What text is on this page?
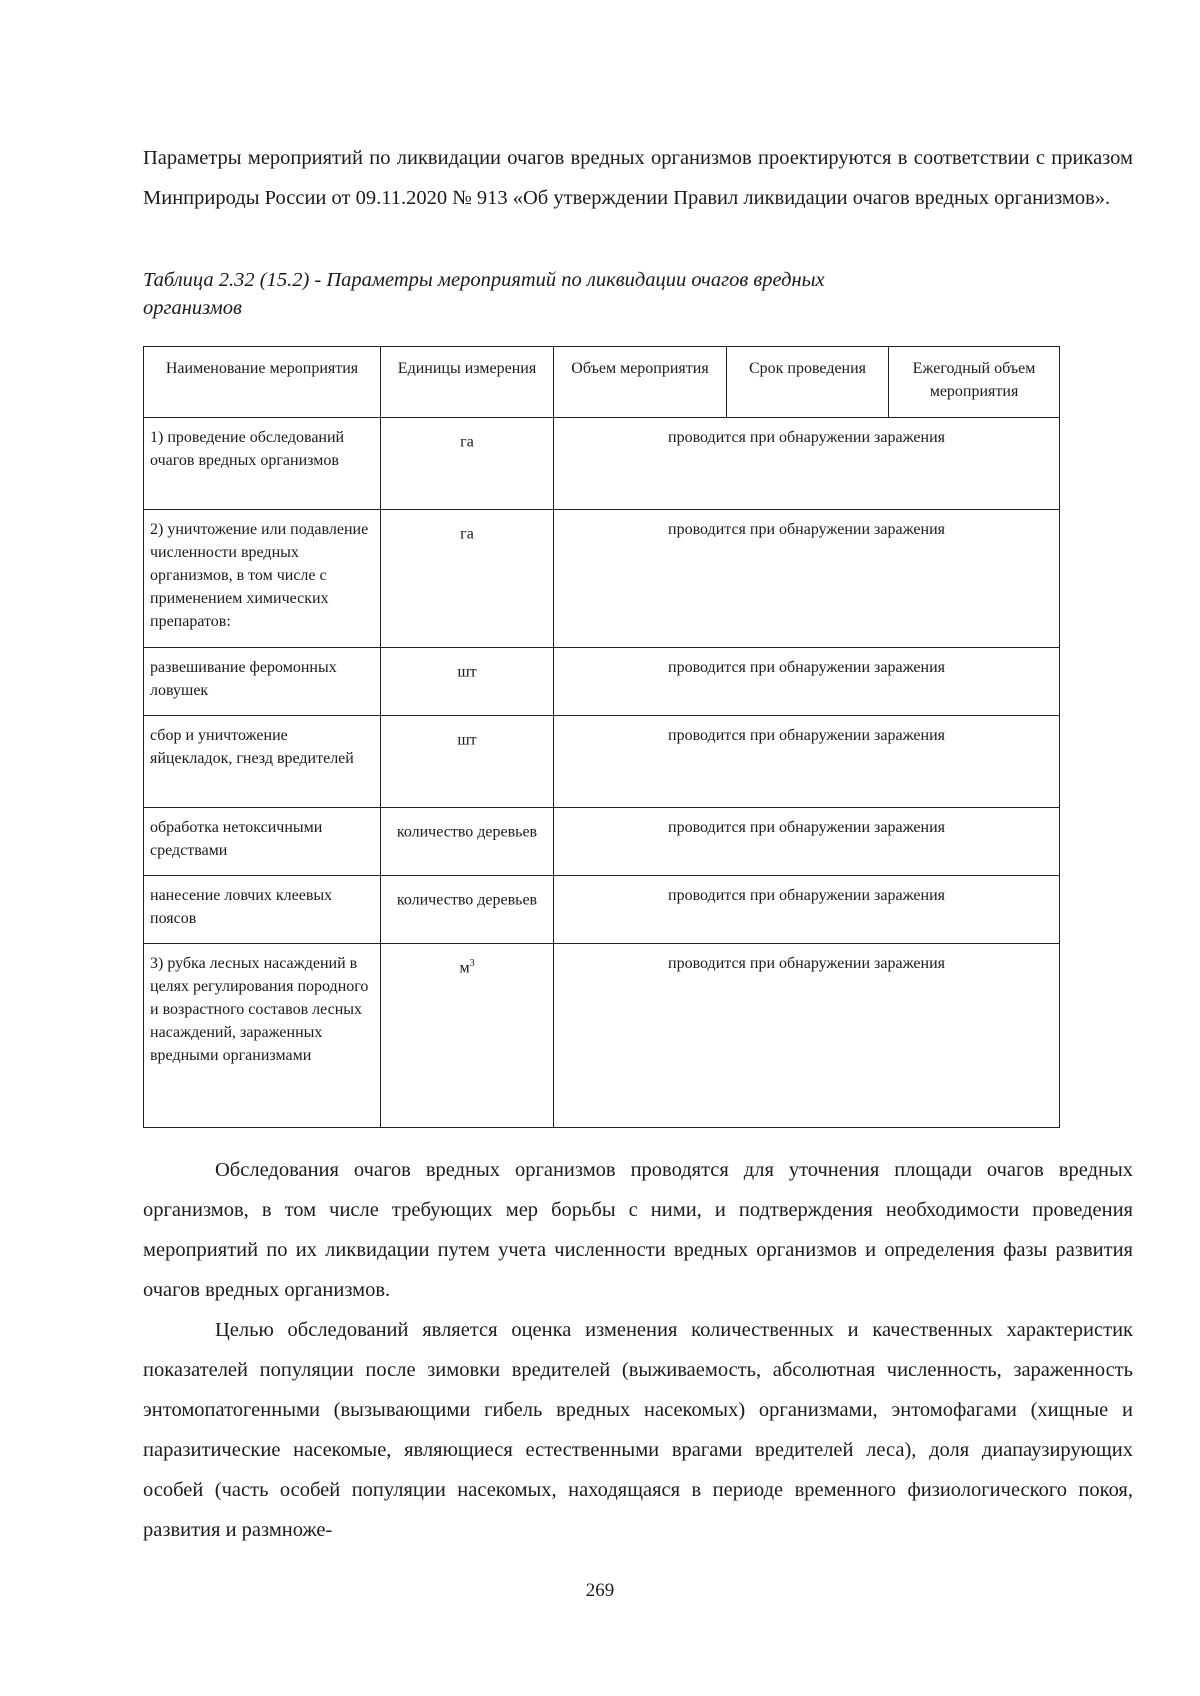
Параметры мероприятий по ликвидации очагов вредных организмов проектируются в соответствии с приказом Минприроды России от 09.11.2020 № 913 «Об утверждении Правил ликвидации очагов вредных организмов».

Таблица 2.32 (15.2) - Параметры мероприятий по ликвидации очагов вредных организмов

Наименование мероприятия	Единицы измерения	Объем мероприятия	Срок проведения	Ежегодный объем мероприятия
1) проведение обследований очагов вредных организмов	га	проводится при обнаружении заражения		
2) уничтожение или подавление численности вредных организмов, в том числе с применением химических препаратов:	га	проводится при обнаружении заражения		
развешивание феромонных ловушек	шт	проводится при обнаружении заражения		
сбор и уничтожение яйцекладок, гнезд вредителей	шт	проводится при обнаружении заражения		
обработка нетоксичными средствами	количество деревьев	проводится при обнаружении заражения		
нанесение ловчих клеевых поясов	количество деревьев	проводится при обнаружении заражения		
3) рубка лесных насаждений в целях регулирования породного и возрастного составов лесных насаждений, зараженных вредными организмами	$м^3$	проводится при обнаружении заражения		

Обследования очагов вредных организмов проводятся для уточнения площади очагов вредных организмов, в том числе требующих мер борьбы с ними, и подтверждения необходимости проведения мероприятий по их ликвидации путем учета численности вредных организмов и определения фазы развития очагов вредных организмов.

Целью обследований является оценка изменения количественных и качественных характеристик показателей популяции после зимовки вредителей (выживаемость, абсолютная численность, зараженность энтомопатогенными (вызывающими гибель вредных насекомых) организмами, энтомофагами (хищные и паразитические насекомые, являющиеся естественными врагами вредителей леса), доля диапаузирующих особей (часть особей популяции насекомых, находящаяся в периоде временного физиологического покоя, развития и размноже-

269
